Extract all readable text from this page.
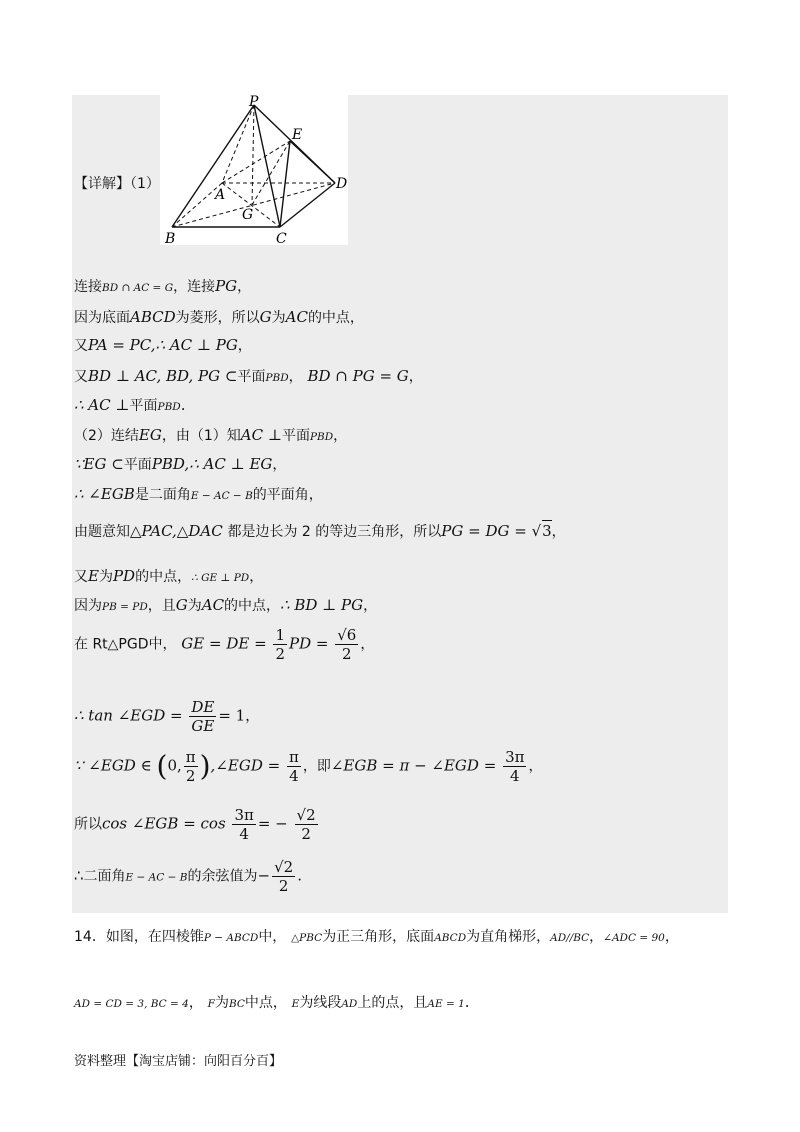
P
E
A
D
G
B	C
【详解】（1）
连接BD ∩ AC = G，连接PG，
因为底面ABCD为菱形，所以G为AC的中点，
又PA = PC,∴ AC ⊥ PG，
又BD ⊥ AC, BD, PG ⊂平面PBD， BD ∩ PG = G，
∴ AC ⊥平面PBD.
（2）连结EG，由（1）知AC ⊥平面PBD，
∵EG ⊂平面PBD,∴ AC ⊥ EG，
∴ ∠EGB是二面角E − AC − B的平面角，
由题意知△PAC,△DAC 都是边长为 2 的等边三角形，所以PG = DG = √3，
又E为PD的中点，∴ GE ⊥ PD，
因为PB = PD，且G为AC的中点，∴ BD ⊥ PG，
在 Rt△PGD中， GE = DE = $\frac{1}{2}$ PD = $\frac{√6}{2}$ ，
∴ tan ∠EGD = $\frac{DE}{GE} = 1$，
∵ ∠EGD ∈ (0, $\frac{\pi}{2}$ ),∠EGD = $\frac{\pi}{4}$ ，即∠EGB = π − ∠EGD = $\frac{3\pi}{4}$ ，
所以cos ∠EGB = $\cos \frac{3\pi}{4}$ = − $\frac{√2}{2}$
∴二面角E − AC − B的余弦值为− $\frac{√2}{2}$ .
14．如图，在四棱锥P − ABCD中， △PBC为正三角形，底面ABCD为直角梯形，AD//BC，∠ADC = 90，
AD = CD = 3, BC = 4， F为BC中点， E为线段AD上的点，且AE = 1.
资料整理【淘宝店铺：向阳百分百】
